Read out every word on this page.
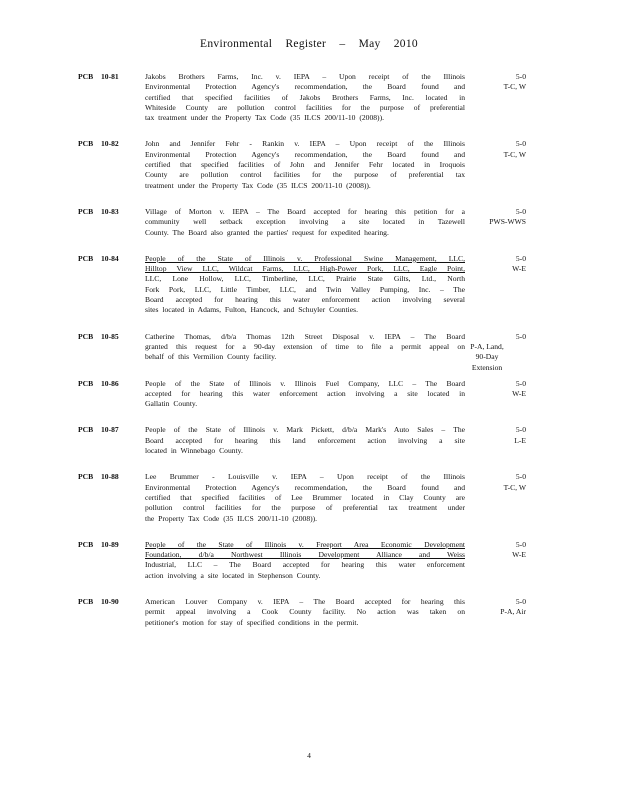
Environmental Register – May 2010
PCB 10-81	Jakobs Brothers Farms, Inc. v. IEPA – Upon receipt of the Illinois
Environmental Protection Agency's recommendation, the Board found and
certified that specified facilities of Jakobs Brothers Farms, Inc. located in
Whiteside County are pollution control facilities for the purpose of preferential
tax treatment under the Property Tax Code (35 ILCS 200/11-10 (2008)).
5-0
T-C, W
PCB 10-82	John and Jennifer Fehr - Rankin v. IEPA – Upon receipt of the Illinois
Environmental Protection Agency's recommendation, the Board found and
certified that specified facilities of John and Jennifer Fehr located in Iroquois
County are pollution control facilities for the purpose of preferential tax
treatment under the Property Tax Code (35 ILCS 200/11-10 (2008)).
5-0
T-C, W
PCB 10-83	Village of Morton v. IEPA – The Board accepted for hearing this petition for a
community well setback exception involving a site located in Tazewell
County. The Board also granted the parties' request for expedited hearing.
5-0
PWS-WWS
PCB 10-84	People of the State of Illinois v. Professional Swine Management, LLC,
Hilltop View LLC, Wildcat Farms, LLC, High-Power Pork, LLC, Eagle Point,
LLC, Lone Hollow, LLC, Timberline, LLC, Prairie State Gilts, Ltd., North
Fork Pork, LLC, Little Timber, LLC, and Twin Valley Pumping, Inc. – The
Board accepted for hearing this water enforcement action involving several
sites located in Adams, Fulton, Hancock, and Schuyler Counties.
5-0
W-E
PCB 10-85	Catherine Thomas, d/b/a Thomas 12th Street Disposal v. IEPA – The Board
granted this request for a 90-day extension of time to file a permit appeal on
behalf of this Vermilion County facility.
5-0
P-A, Land,
90-Day
Extension
PCB 10-86	People of the State of Illinois v. Illinois Fuel Company, LLC – The Board
accepted for hearing this water enforcement action involving a site located in
Gallatin County.
5-0
W-E
PCB 10-87	People of the State of Illinois v. Mark Pickett, d/b/a Mark's Auto Sales – The
Board accepted for hearing this land enforcement action involving a site
located in Winnebago County.
5-0
L-E
PCB 10-88	Lee Brummer - Louisville v. IEPA – Upon receipt of the Illinois
Environmental Protection Agency's recommendation, the Board found and
certified that specified facilities of Lee Brummer located in Clay County are
pollution control facilities for the purpose of preferential tax treatment under
the Property Tax Code (35 ILCS 200/11-10 (2008)).
5-0
T-C, W
PCB 10-89	People of the State of Illinois v. Freeport Area Economic Development
Foundation, d/b/a Northwest Illinois Development Alliance and Weiss
Industrial, LLC – The Board accepted for hearing this water enforcement
action involving a site located in Stephenson County.
5-0
W-E
PCB 10-90	American Louver Company v. IEPA – The Board accepted for hearing this
permit appeal involving a Cook County facility. No action was taken on
petitioner's motion for stay of specified conditions in the permit.
5-0
P-A, Air
4
